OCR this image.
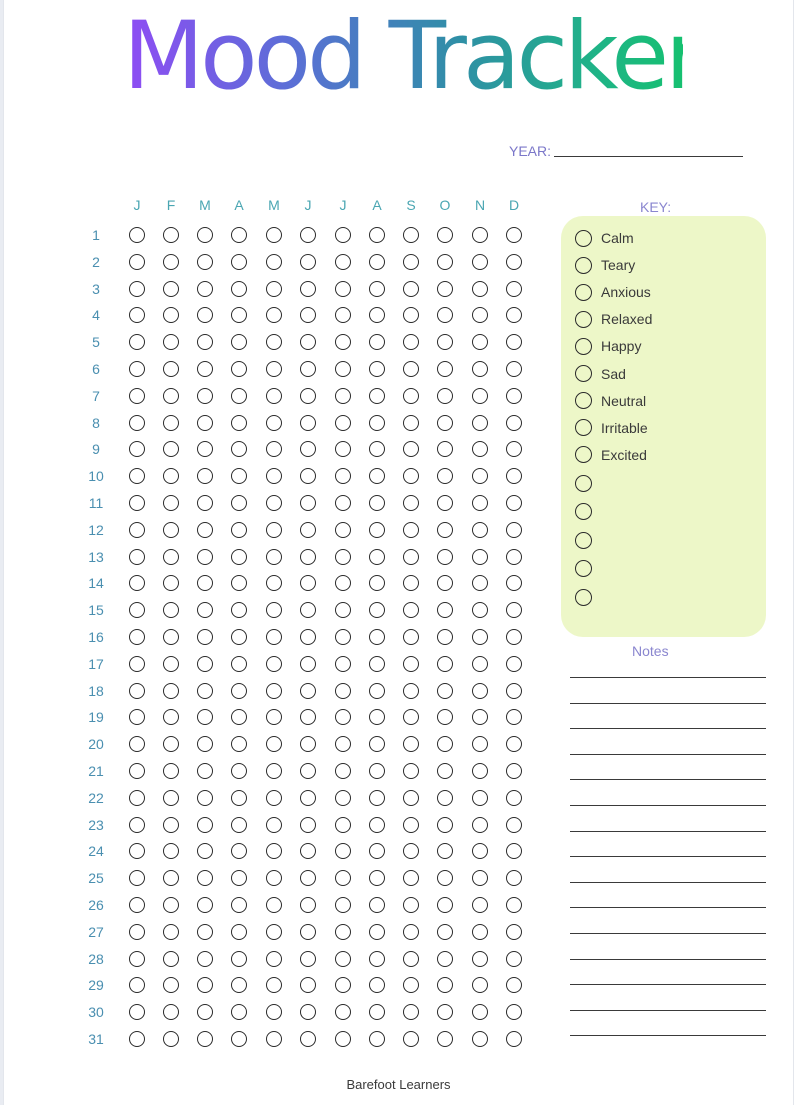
Mood Tracker
YEAR:
J	F	M	A	M	J	J	A	S	O	N	D
1
2
3
4
5
6
7
8
9
10
11
12
13
14
15
16
17
18
19
20
21
22
23
24
25
26
27
28
29
30
31
KEY:
Calm
Teary
Anxious
Relaxed
Happy
Sad
Neutral
Irritable
Excited
Notes
Barefoot Learners
